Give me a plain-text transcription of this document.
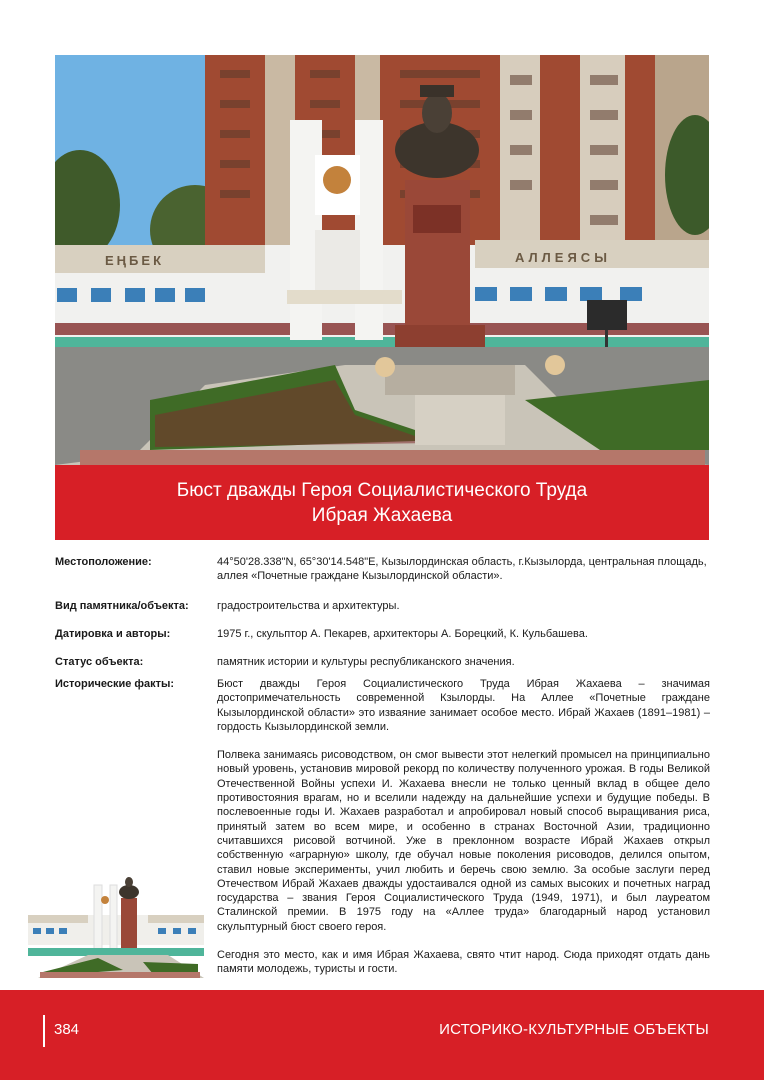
ЕҢБЕК	АЛЛЕЯСЫ
Бюст дважды Героя Социалистического Труда
Ибрая Жахаева
Местоположение:	44°50'28.338"N, 65°30'14.548"E, Кызылординская область, г.Кызылорда, центральная площадь, аллея «Почетные граждане Кызылординской области».
Вид памятника/объекта:	градостроительства и архитектуры.
Датировка и авторы:	1975 г., скульптор А. Пекарев, архитекторы А. Борецкий, К. Кульбашева.
Статус объекта:	памятник истории и культуры республиканского значения.
Исторические факты:	Бюст дважды Героя Социалистического Труда Ибрая Жахаева – значимая достопримечательность современной Кзылорды. На Аллее «Почетные граждане Кызылординской области» это изваяние занимает особое место. Ибрай Жахаев (1891–1981) – гордость Кызылординской земли.

Полвека занимаясь рисоводством, он смог вывести этот нелегкий промысел на принципиально новый уровень, установив мировой рекорд по количеству полученного урожая. В годы Великой Отечественной Войны успехи И. Жахаева внесли не только ценный вклад в общее дело противостояния врагам, но и вселили надежду на дальнейшие успехи и будущие победы. В послевоенные годы И. Жахаев разработал и апробировал новый способ выращивания риса, принятый затем во всем мире, и особенно в странах Восточной Азии, традиционно считавшихся рисовой вотчиной. Уже в преклонном возрасте Ибрай Жахаев открыл собственную «аграрную» школу, где обучал новые поколения рисоводов, делился опытом, ставил новые эксперименты, учил любить и беречь свою землю. За особые заслуги перед Отечеством Ибрай Жахаев дважды удостаивался одной из самых высоких и почетных наград государства – звания Героя Социалистического Труда (1949, 1971), и был лауреатом Сталинской премии. В 1975 году на «Аллее труда» благодарный народ установил скульптурный бюст своего героя.

Сегодня это место, как и имя Ибрая Жахаева, свято чтит народ. Сюда приходят отдать дань памяти молодежь, туристы и гости.

384	ИСТОРИКО-КУЛЬТУРНЫЕ ОБЪЕКТЫ
